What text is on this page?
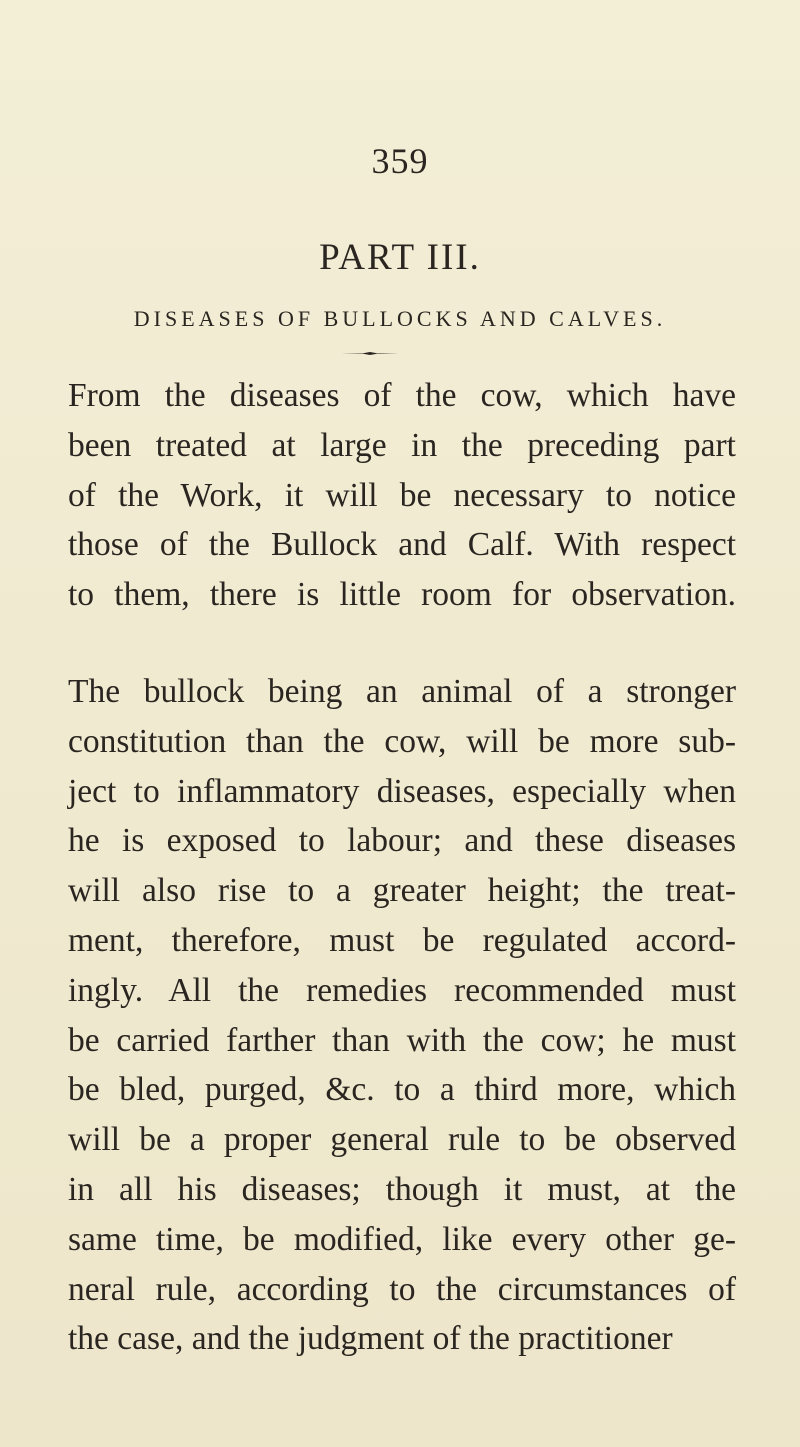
359
PART III.
DISEASES OF BULLOCKS AND CALVES.
From the diseases of the cow, which have
been treated at large in the preceding part
of the Work, it will be necessary to notice
those of the Bullock and Calf. With respect
to them, there is little room for observation.
The bullock being an animal of a stronger
constitution than the cow, will be more sub-
ject to inflammatory diseases, especially when
he is exposed to labour; and these diseases
will also rise to a greater height; the treat-
ment, therefore, must be regulated accord-
ingly. All the remedies recommended must
be carried farther than with the cow; he must
be bled, purged, &c. to a third more, which
will be a proper general rule to be observed
in all his diseases; though it must, at the
same time, be modified, like every other ge-
neral rule, according to the circumstances of
the case, and the judgment of the practitioner
